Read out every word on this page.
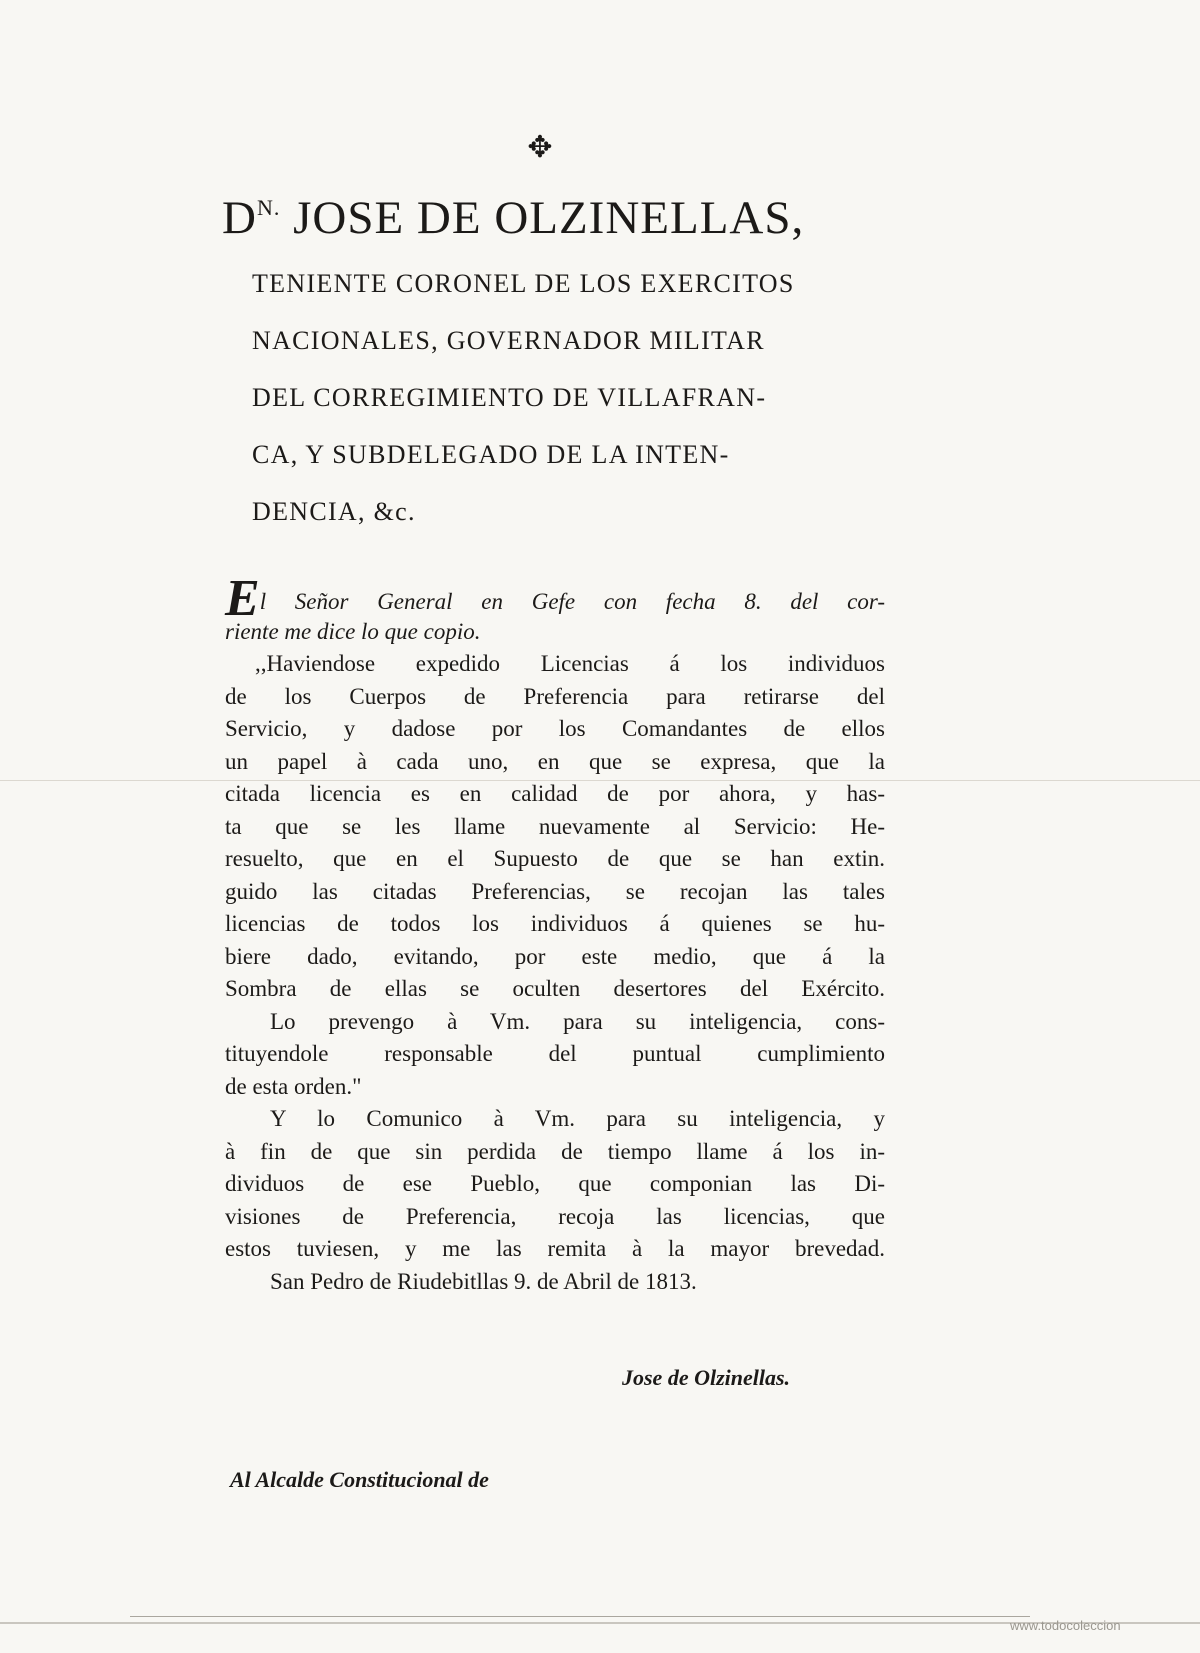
✥
$D^{N.}$ JOSE DE OLZINELLAS,
TENIENTE CORONEL DE LOS EXERCITOS
NACIONALES, GOVERNADOR MILITAR
DEL CORREGIMIENTO DE VILLAFRAN-
CA, Y SUBDELEGADO DE LA INTEN-
DENCIA, &c.
El Señor General en Gefe con fecha 8. del cor-
riente me dice lo que copio.
,,Haviendose expedido Licencias á los individuos
de los Cuerpos de Preferencia para retirarse del
Servicio, y dadose por los Comandantes de ellos
un papel à cada uno, en que se expresa, que la
citada licencia es en calidad de por ahora, y has-
ta que se les llame nuevamente al Servicio: He-
resuelto, que en el Supuesto de que se han extin.
guido las citadas Preferencias, se recojan las tales
licencias de todos los individuos á quienes se hu-
biere dado, evitando, por este medio, que á la
Sombra de ellas se oculten desertores del Exército.
Lo prevengo à Vm. para su inteligencia, cons-
tituyendole responsable del puntual cumplimiento
de esta orden."
Y lo Comunico à Vm. para su inteligencia, y
à fin de que sin perdida de tiempo llame á los in-
dividuos de ese Pueblo, que componian las Di-
visiones de Preferencia, recoja las licencias, que
estos tuviesen, y me las remita à la mayor brevedad.
San Pedro de Riudebitllas 9. de Abril de 1813.
Jose de Olzinellas.
Al Alcalde Constitucional de
www.todocoleccion
